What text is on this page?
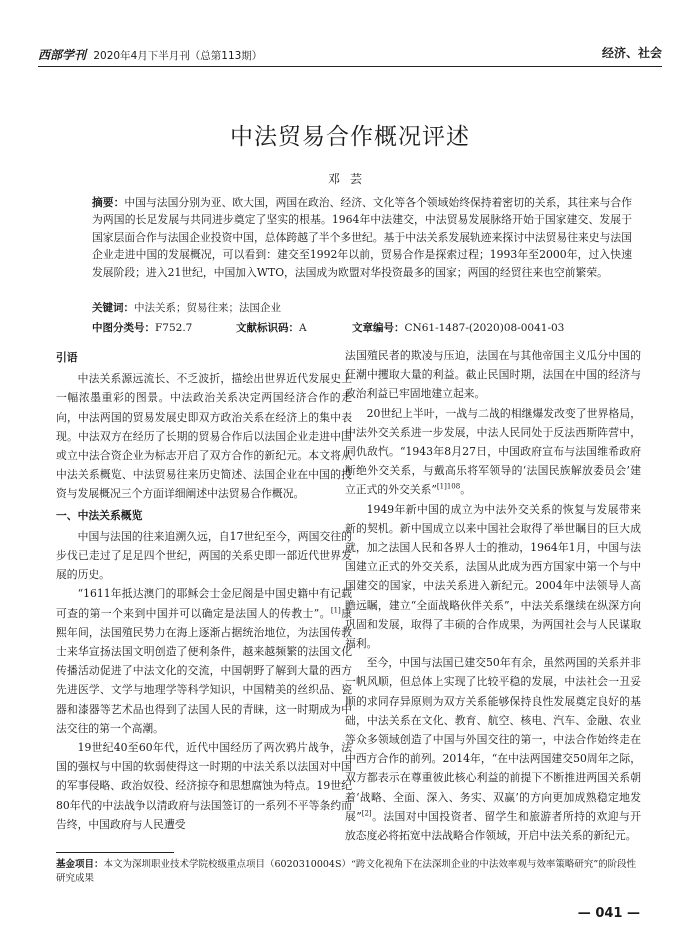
西部学刊 2020年4月下半月刊（总第113期）	经济、社会
中法贸易合作概况评述
邓芸
摘要：中国与法国分别为亚、欧大国，两国在政治、经济、文化等各个领域始终保持着密切的关系，其往来与合作为两国的长足发展与共同进步奠定了坚实的根基。1964年中法建交，中法贸易发展脉络开始于国家建交、发展于国家层面合作与法国企业投资中国，总体跨越了半个多世纪。基于中法关系发展轨迹来探讨中法贸易往来史与法国企业走进中国的发展概况，可以看到：建交至1992年以前，贸易合作是探索过程；1993年至2000年，过入快速发展阶段；进入21世纪，中国加入WTO，法国成为欧盟对华投资最多的国家；两国的经贸往来也空前繁荣。
关键词：中法关系；贸易往来；法国企业
中图分类号：F752.7	文献标识码：A	文章编号：CN61-1487-(2020)08-0041-03
引语

中法关系源远流长、不乏波折，描绘出世界近代发展史上一幅浓墨重彩的图景。中法政治关系决定两国经济合作的走向，中法两国的贸易发展史即双方政治关系在经济上的集中表现。中法双方在经历了长期的贸易合作后以法国企业走进中国或立中法合资企业为标志开启了双方合作的新纪元。本文将从中法关系概览、中法贸易往来历史简述、法国企业在中国的投资与发展概况三个方面详细阐述中法贸易合作概况。

一、中法关系概览

中国与法国的往来追溯久远，自17世纪至今，两国交往的步伐已走过了足足四个世纪，两国的关系史即一部近代世界发展的历史。

“1611年抵达澳门的耶稣会士金尼阁是中国史籍中有记载可查的第一个来到中国并可以确定是法国人的传教士”。[1]康熙年间，法国殖民势力在海上逐渐占据统治地位，为法国传教士来华宣扬法国文明创造了便利条件，越来越频繁的法国文化传播活动促进了中法文化的交流，中国朝野了解到大量的西方先进医学、文学与地理学等科学知识，中国精美的丝织品、瓷器和漆器等艺术品也得到了法国人民的青睐，这一时期成为中法交往的第一个高潮。

19世纪40至60年代，近代中国经历了两次鸦片战争，法国的强权与中国的软弱使得这一时期的中法关系以法国对中国的军事侵略、政治奴役、经济掠夺和思想腐蚀为特点。19世纪80年代的中法战争以清政府与法国签订的一系列不平等条约而告终，中国政府与人民遭受

法国殖民者的欺凌与压迫，法国在与其他帝国主义瓜分中国的狂潮中攫取大量的利益。截止民国时期，法国在中国的经济与政治利益已牢固地建立起来。

20世纪上半叶，一战与二战的相继爆发改变了世界格局，中法外交关系进一步发展，中法人民同处于反法西斯阵营中，同仇敌忾。“1943年8月27日，中国政府宣布与法国维希政府断绝外交关系，与戴高乐将军领导的‘法国民族解放委员会’建立正式的外交关系”$^{[1]108}$。

1949年新中国的成立为中法外交关系的恢复与发展带来新的契机。新中国成立以来中国社会取得了举世瞩目的巨大成就，加之法国人民和各界人士的推动，1964年1月，中国与法国建立正式的外交关系，法国从此成为西方国家中第一个与中国建交的国家，中法关系进入新纪元。2004年中法领导人高瞻远瞩，建立“全面战略伙伴关系”，中法关系继续在纵深方向巩固和发展，取得了丰硕的合作成果，为两国社会与人民谋取福利。

至今，中国与法国已建交50年有余，虽然两国的关系并非一帆风顺，但总体上实现了比较平稳的发展，中法社会一丑妥顺的求同存异原则为双方关系能够保持良性发展奠定良好的基础，中法关系在文化、教育、航空、核电、汽车、金融、农业等众多领域创造了中国与外国交往的第一，中法合作始终走在中西方合作的前列。2014年，“在中法两国建交50周年之际，双方都表示在尊重彼此核心利益的前提下不断推进两国关系朝着‘战略、全面、深入、务实、双赢’的方向更加成熟稳定地发展”[2]。法国对中国投资者、留学生和旅游者所持的欢迎与开放态度必将拓宽中法战略合作领域，开启中法关系的新纪元。

基金项目：本文为深圳职业技术学院校级重点项目（6020310004S）“跨文化视角下在法深圳企业的中法效率观与效率策略研究”的阶段性研究成果
— 041 —
